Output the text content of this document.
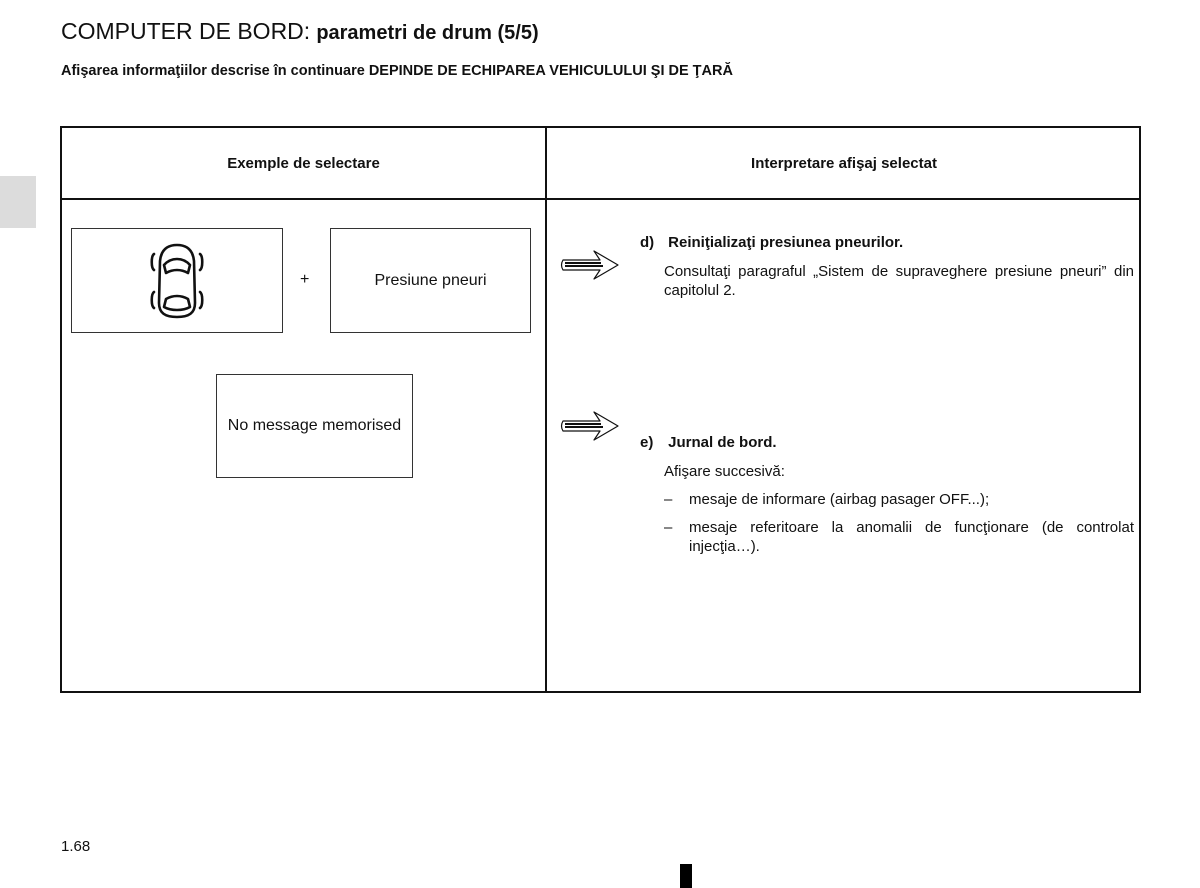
COMPUTER DE BORD: parametri de drum (5/5)

Afişarea informaţiilor descrise în continuare DEPINDE DE ECHIPAREA VEHICULULUI ŞI DE ŢARĂ

Exemple de selectare	Interpretare afişaj selectat
+	Presiune pneuri
No message memorised
d) Reiniţializaţi presiunea pneurilor.
Consultaţi paragraful „Sistem de supraveghere presiune pneuri” din capitolul 2.
e) Jurnal de bord.
Afişare succesivă:
– mesaje de informare (airbag pasager OFF...);
– mesaje referitoare la anomalii de funcţionare (de controlat injecţia…).
1.68
